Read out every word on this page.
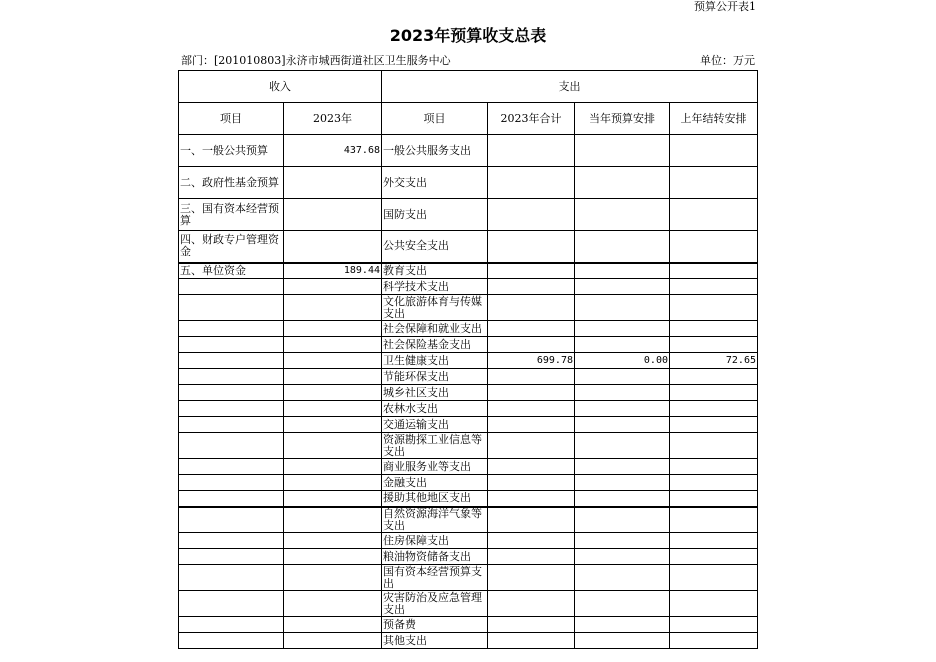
预算公开表1
2023年预算收支总表
部门：[201010803]永济市城西街道社区卫生服务中心	单位：万元
收入		支出			
项目	2023年	项目	2023年合计	当年预算安排	上年结转安排
一、一般公共预算	437.68	一般公共服务支出			
二、政府性基金预算		外交支出			
三、国有资本经营预算		国防支出			
四、财政专户管理资金		公共安全支出			
五、单位资金	189.44	教育支出			
		科学技术支出			
		文化旅游体育与传媒支出			
		社会保障和就业支出			
		社会保险基金支出			
		卫生健康支出	699.78	0.00	72.65
		节能环保支出			
		城乡社区支出			
		农林水支出			
		交通运输支出			
		资源勘探工业信息等支出			
		商业服务业等支出			
		金融支出			
		援助其他地区支出			
		自然资源海洋气象等支出			
		住房保障支出			
		粮油物资储备支出			
		国有资本经营预算支出			
		灾害防治及应急管理支出			
		预备费			
		其他支出			
